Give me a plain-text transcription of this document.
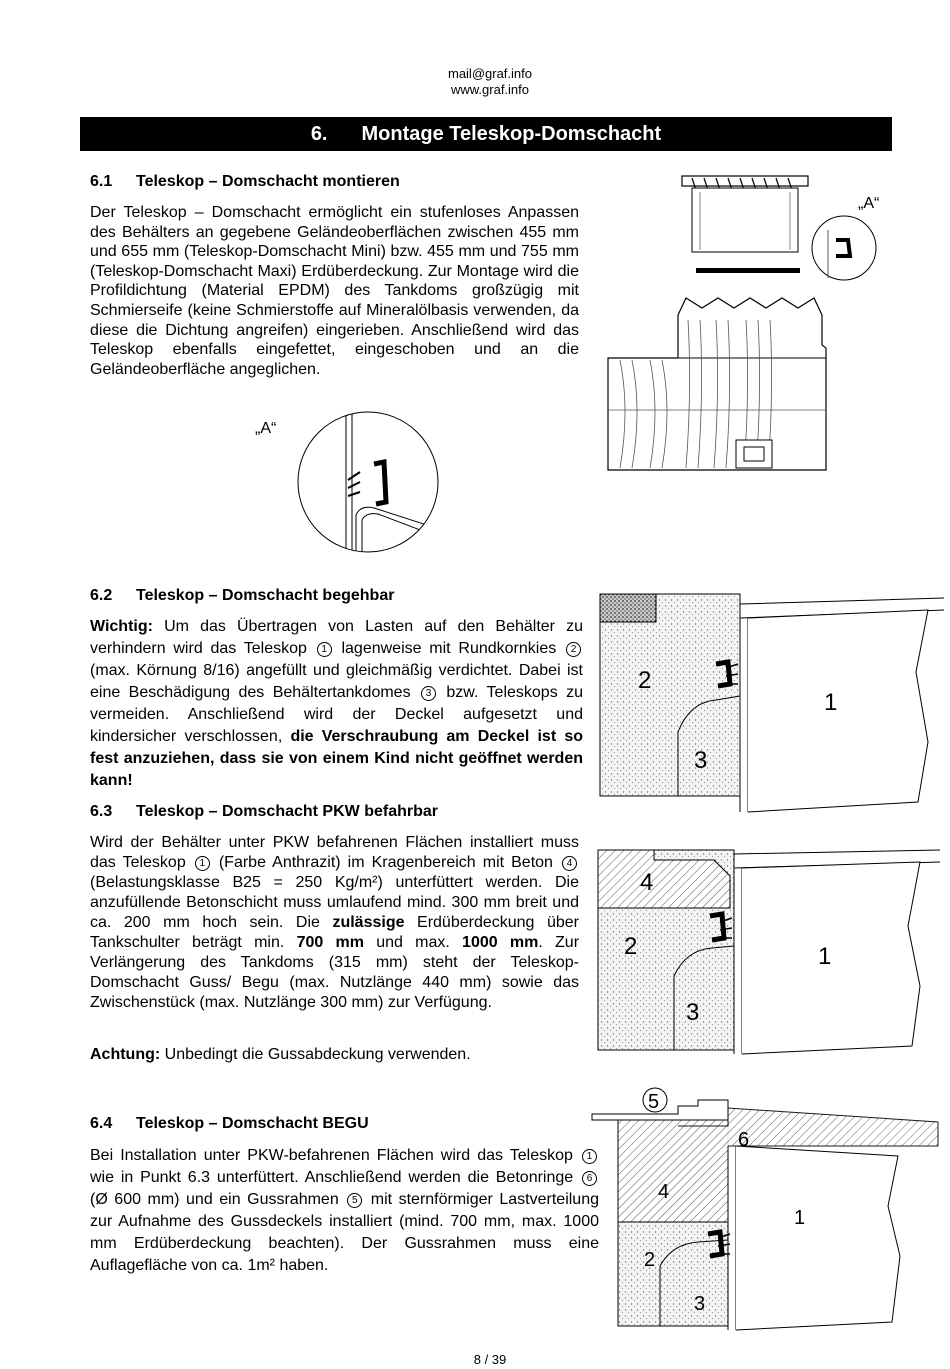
mail@graf.info
www.graf.info
6. Montage Teleskop-Domschacht
6.1 Teleskop – Domschacht montieren
Der Teleskop – Domschacht ermöglicht ein stufenloses Anpassen des Behälters an gegebene Geländeoberflächen zwischen 455 mm und 655 mm (Teleskop-Domschacht Mini) bzw. 455 mm und 755 mm (Teleskop-Domschacht Maxi) Erdüberdeckung. Zur Montage wird die Profildichtung (Material EPDM) des Tankdoms großzügig mit Schmierseife (keine Schmierstoffe auf Mineralölbasis verwenden, da diese die Dichtung angreifen) eingerieben. Anschließend wird das Teleskop ebenfalls eingefettet, eingeschoben und an die Geländeoberfläche angeglichen.
„A“
„A“
6.2 Teleskop – Domschacht begehbar
Wichtig: Um das Übertragen von Lasten auf den Behälter zu verhindern wird das Teleskop 1 lagenweise mit Rundkornkies 2 (max. Körnung 8/16) angefüllt und gleichmäßig verdichtet. Dabei ist eine Beschädigung des Behältertankdomes 3 bzw. Teleskops zu vermeiden. Anschließend wird der Deckel aufgesetzt und kindersicher verschlossen, die Verschraubung am Deckel ist so fest anzuziehen, dass sie von einem Kind nicht geöffnet werden kann!
2
1
3
6.3 Teleskop – Domschacht PKW befahrbar
Wird der Behälter unter PKW befahrenen Flächen installiert muss das Teleskop 1 (Farbe Anthrazit) im Kragenbereich mit Beton 4 (Belastungsklasse B25 = 250 Kg/m²) unterfüttert werden. Die anzufüllende Betonschicht muss umlaufend mind. 300 mm breit und ca. 200 mm hoch sein. Die zulässige Erdüberdeckung über Tankschulter beträgt min. 700 mm und max. 1000 mm. Zur Verlängerung des Tankdoms (315 mm) steht der Teleskop-Domschacht Guss/ Begu (max. Nutzlänge 440 mm) sowie das Zwischenstück (max. Nutzlänge 300 mm) zur Verfügung.
Achtung: Unbedingt die Gussabdeckung verwenden.
4
2	1
3
6.4 Teleskop – Domschacht BEGU
Bei Installation unter PKW-befahrenen Flächen wird das Teleskop 1 wie in Punkt 6.3 unterfüttert. Anschließend werden die Betonringe 6 (Ø 600 mm) und ein Gussrahmen 5 mit sternförmiger Lastverteilung zur Aufnahme des Gussdeckels installiert (mind. 700 mm, max. 1000 mm Erdüberdeckung beachten). Der Gussrahmen muss eine Auflagefläche von ca. 1m² haben.
5
6
4
1
2
3
8 / 39
